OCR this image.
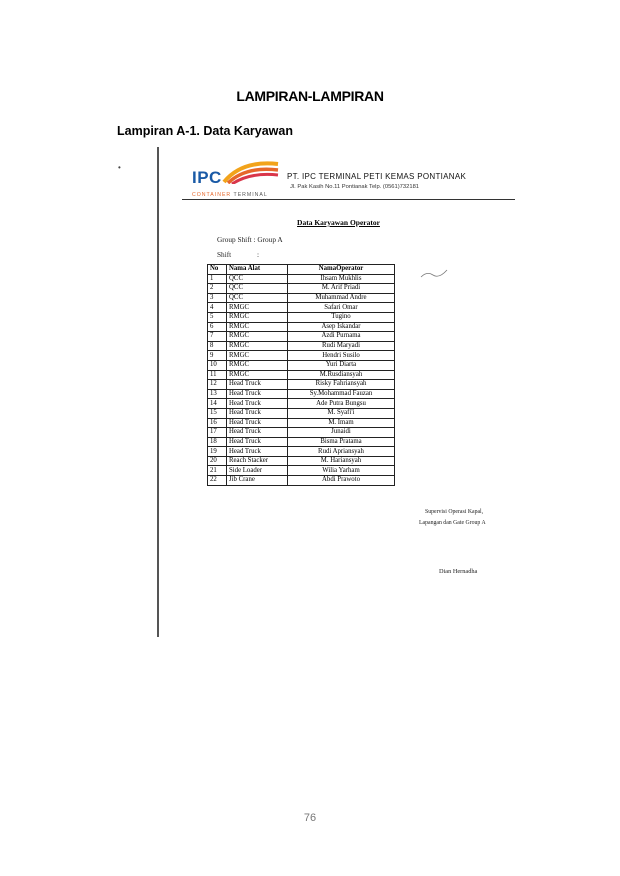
LAMPIRAN-LAMPIRAN
Lampiran A-1. Data Karyawan
•
IPC
CONTAINER TERMINAL
PT. IPC TERMINAL PETI KEMAS PONTIANAK
Jl. Pak Kasih No.11 Pontianak Telp. (0561)732181
Data Karyawan Operator
Group Shift : Group A
Shift	:
No	Nama Alat	NamaOperator
1	QCC	Ihsam Mukhlis
2	QCC	M. Arif Priadi
3	QCC	Muhammad Andre
4	RMGC	Safari Omar
5	RMGC	Tugino
6	RMGC	Asep Iskandar
7	RMGC	Azdi Purnama
8	RMGC	Rudi Maryadi
9	RMGC	Hendri Susilo
10	RMGC	Yuri Diarta
11	RMGC	M.Rusdiansyah
12	Head Truck	Risky Fahriansyah
13	Head Truck	Sy.Mohammad Fauzan
14	Head Truck	Ade Putra Bungsu
15	Head Truck	M. Syafi'i
16	Head Truck	M. Imam
17	Head Truck	Junaidi
18	Head Truck	Bisma Pratama
19	Head Truck	Rudi Apriansyah
20	Reach Stacker	M. Hariansyah
21	Side Loader	Wilia Yarham
22	Jib Crane	Abdi Prawoto
Supervisi Operasi Kapal,
Lapangan dan Gate Group A
Dian Hernadha
76
